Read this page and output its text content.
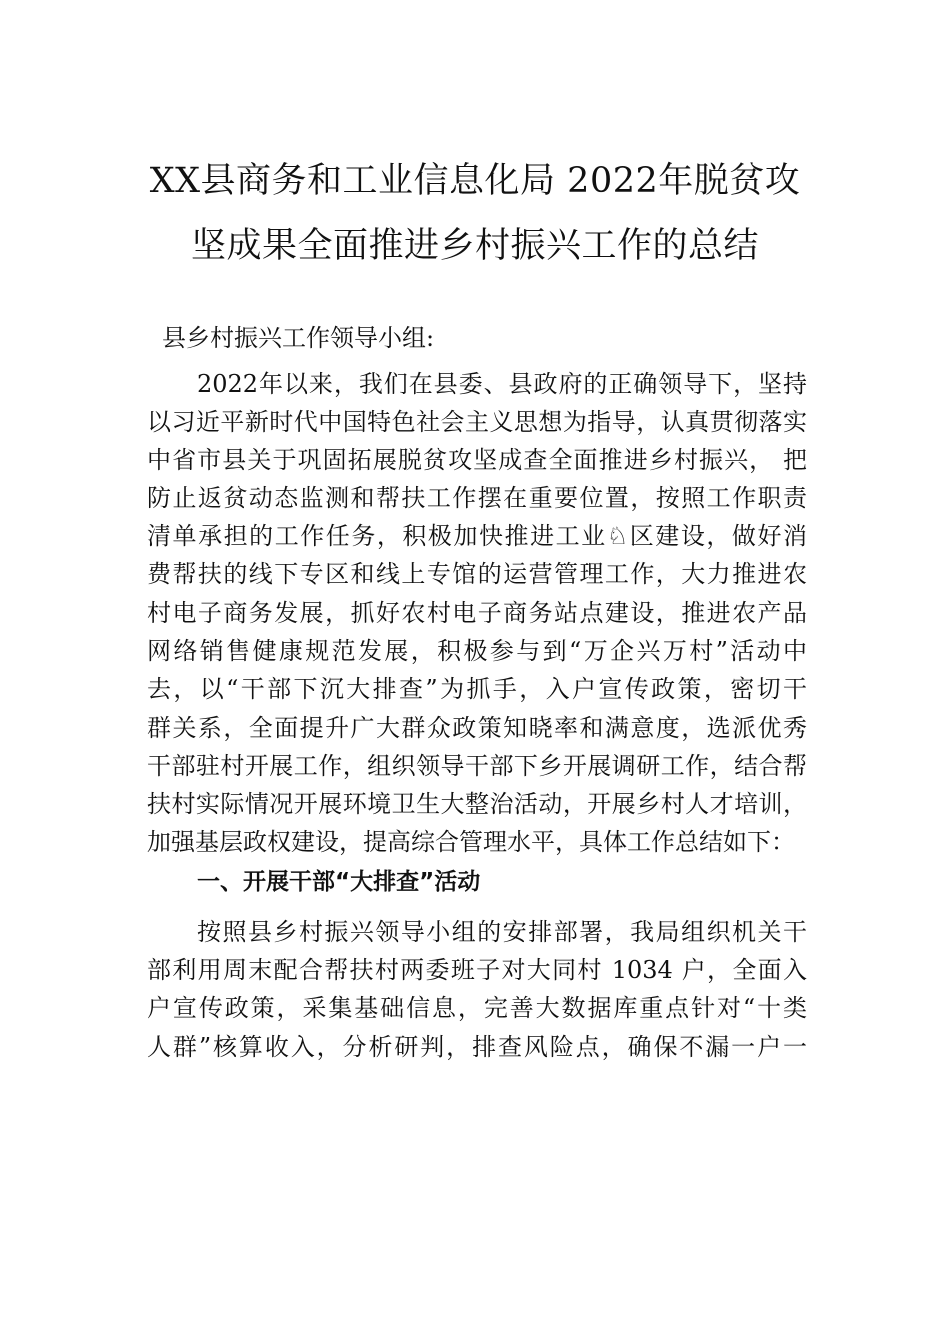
XX县商务和工业信息化局 2022年脱贫攻
坚成果全面推进乡村振兴工作的总结

县乡村振兴工作领导小组:

2022年以来，我们在县委、县政府的正确领导下，坚持

以习近平新时代中国特色社会主义思想为指导，认真贯彻落实

中省市县关于巩固拓展脱贫攻坚成查全面推进乡村振兴， 把

防止返贫动态监测和帮扶工作摆在重要位置，按照工作职责

清单承担的工作任务，积极加快推进工业♘区建设，做好消

费帮扶的线下专区和线上专馆的运营管理工作，大力推进农

村电子商务发展，抓好农村电子商务站点建设，推进农产品

网络销售健康规范发展，积极参与到“万企兴万村”活动中

去，以“干部下沉大排查”为抓手，入户宣传政策，密切干

群关系，全面提升广大群众政策知晓率和满意度，选派优秀

干部驻村开展工作，组织领导干部下乡开展调研工作，结合帮

扶村实际情况开展环境卫生大整治活动，开展乡村人才培训，

加强基层政权建设，提高综合管理水平，具体工作总结如下：

一、开展干部“大排查”活动

按照县乡村振兴领导小组的安排部署，我局组织机关干

部利用周末配合帮扶村两委班子对大同村 1034 户，全面入

户宣传政策，采集基础信息，完善大数据库重点针对“十类

人群”核算收入，分析研判，排查风险点，确保不漏一户一
